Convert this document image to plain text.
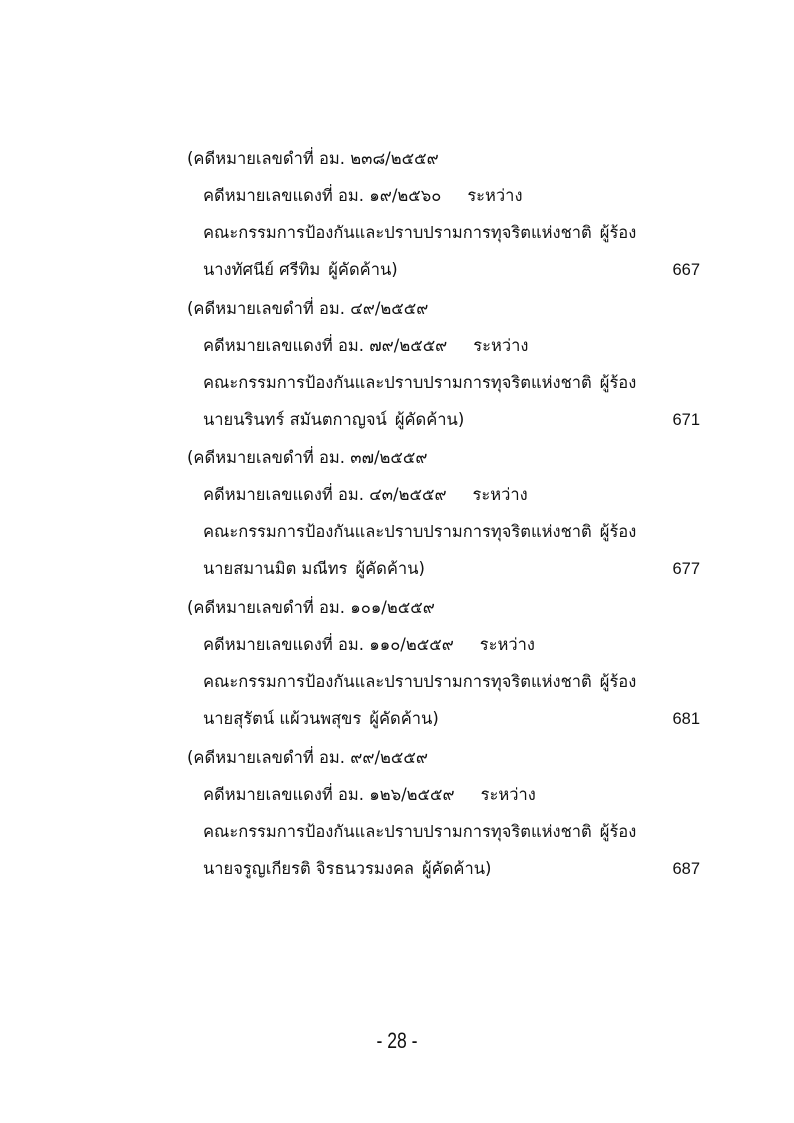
(คดีหมายเลขดำที่ อม. ๒๓๘/๒๕๕๙
คดีหมายเลขแดงที่ อม. ๑๙/๒๕๖๐ ระหว่าง
คณะกรรมการป้องกันและปราบปรามการทุจริตแห่งชาติ ผู้ร้อง
นางทัศนีย์ ศรีทิม ผู้คัดค้าน)	667
(คดีหมายเลขดำที่ อม. ๔๙/๒๕๕๙
คดีหมายเลขแดงที่ อม. ๗๙/๒๕๕๙ ระหว่าง
คณะกรรมการป้องกันและปราบปรามการทุจริตแห่งชาติ ผู้ร้อง
นายนรินทร์ สมันตกาญจน์ ผู้คัดค้าน)	671
(คดีหมายเลขดำที่ อม. ๓๗/๒๕๕๙
คดีหมายเลขแดงที่ อม. ๔๓/๒๕๕๙ ระหว่าง
คณะกรรมการป้องกันและปราบปรามการทุจริตแห่งชาติ ผู้ร้อง
นายสมานมิต มณีทร ผู้คัดค้าน)	677
(คดีหมายเลขดำที่ อม. ๑๐๑/๒๕๕๙
คดีหมายเลขแดงที่ อม. ๑๑๐/๒๕๕๙ ระหว่าง
คณะกรรมการป้องกันและปราบปรามการทุจริตแห่งชาติ ผู้ร้อง
นายสุรัตน์ แผ้วนพสุขร ผู้คัดค้าน)	681
(คดีหมายเลขดำที่ อม. ๙๙/๒๕๕๙
คดีหมายเลขแดงที่ อม. ๑๒๖/๒๕๕๙ ระหว่าง
คณะกรรมการป้องกันและปราบปรามการทุจริตแห่งชาติ ผู้ร้อง
นายจรูญเกียรติ จิรธนวรมงคล ผู้คัดค้าน)	687
- 28 -
